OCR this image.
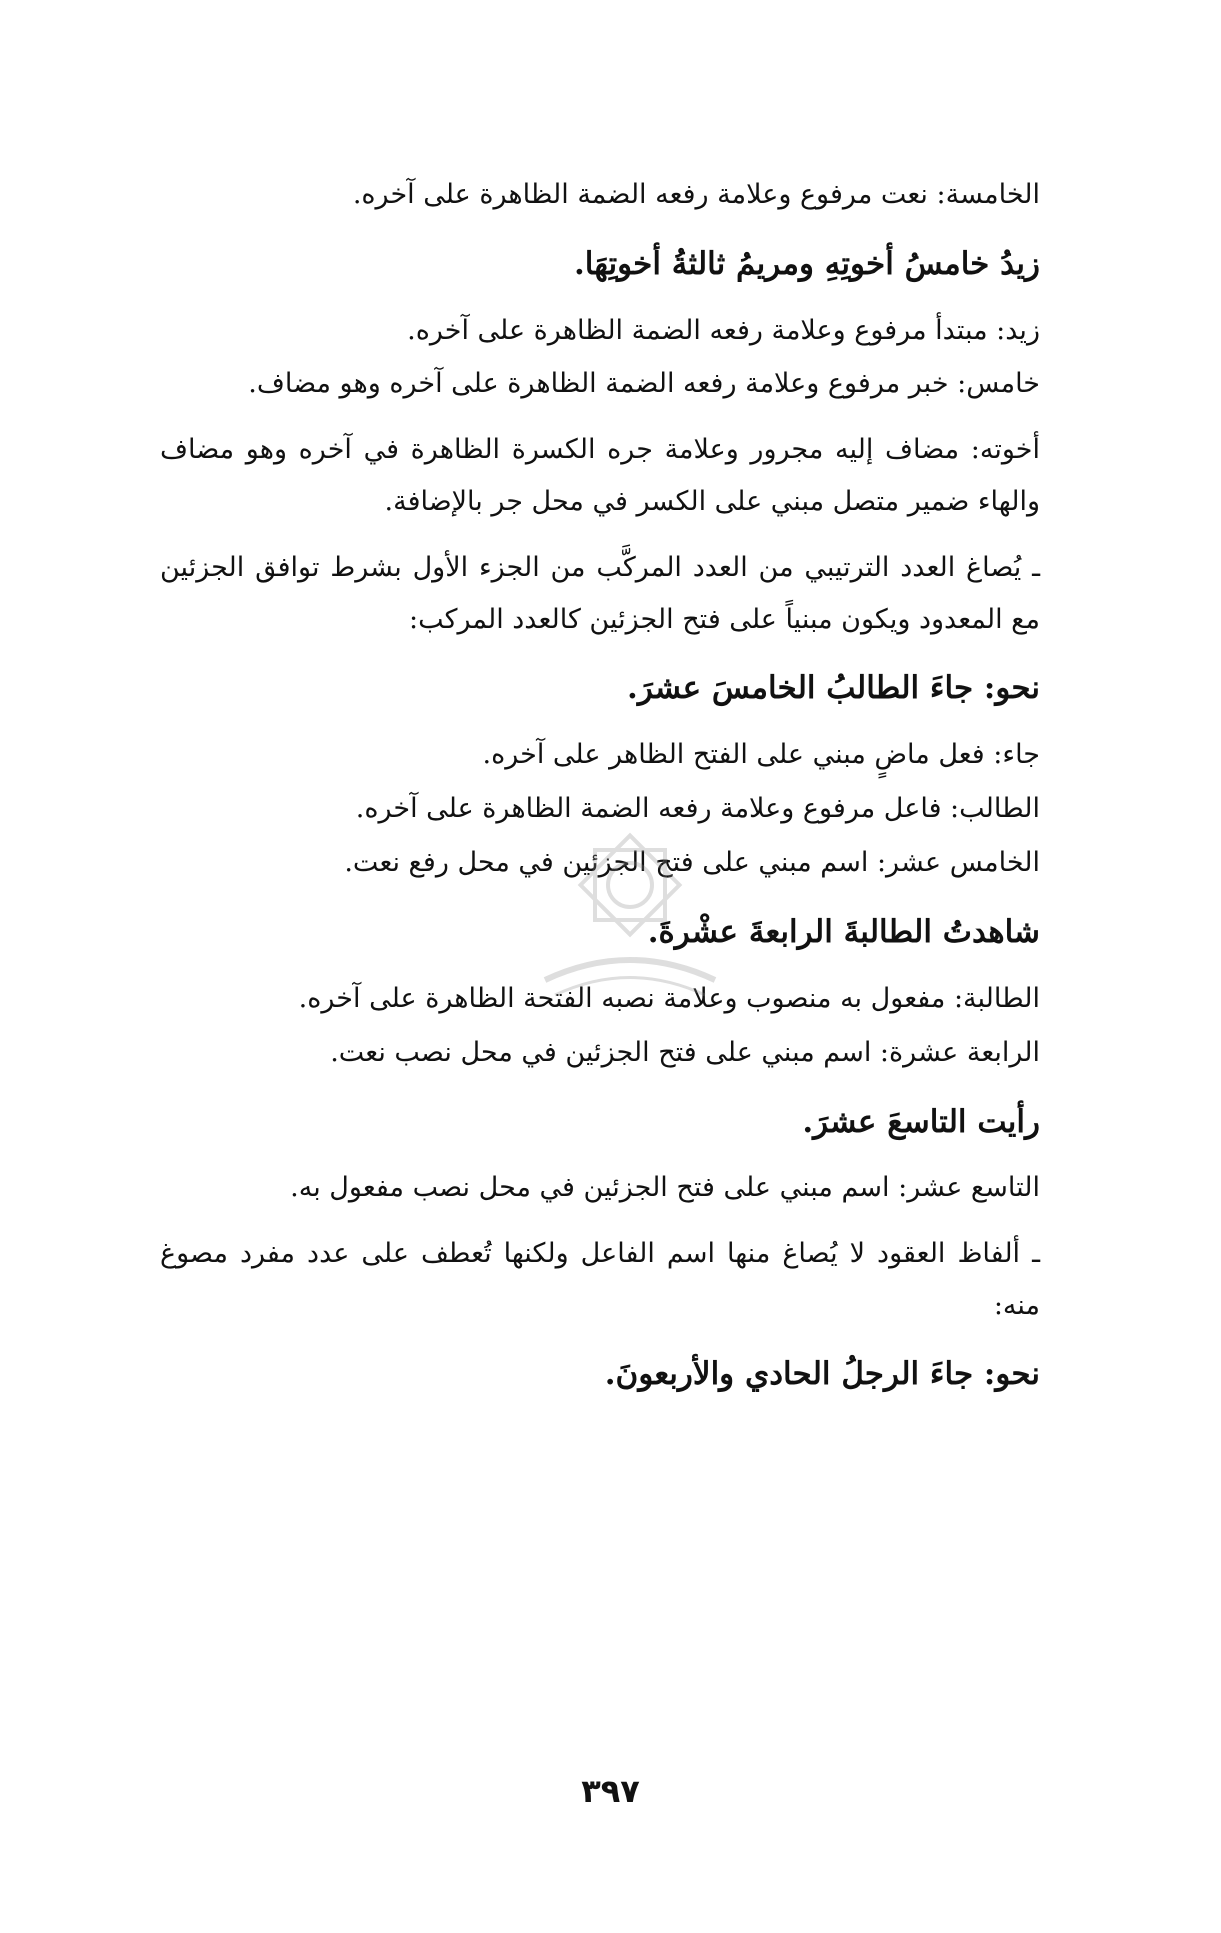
الخامسة: نعت مرفوع وعلامة رفعه الضمة الظاهرة على آخره.

زيدُ خامسُ أخوتِهِ ومريمُ ثالثةُ أخوتِهَا.

زيد: مبتدأ مرفوع وعلامة رفعه الضمة الظاهرة على آخره.

خامس: خبر مرفوع وعلامة رفعه الضمة الظاهرة على آخره وهو مضاف.

أخوته: مضاف إليه مجرور وعلامة جره الكسرة الظاهرة في آخره وهو مضاف والهاء ضمير متصل مبني على الكسر في محل جر بالإضافة.

ـ يُصاغ العدد الترتيبي من العدد المركَّب من الجزء الأول بشرط توافق الجزئين مع المعدود ويكون مبنياً على فتح الجزئين كالعدد المركب:

نحو: جاءَ الطالبُ الخامسَ عشرَ.

جاء: فعل ماضٍ مبني على الفتح الظاهر على آخره.

الطالب: فاعل مرفوع وعلامة رفعه الضمة الظاهرة على آخره.

الخامس عشر: اسم مبني على فتح الجزئين في محل رفع نعت.

شاهدتُ الطالبةَ الرابعةَ عشْرةَ.

الطالبة: مفعول به منصوب وعلامة نصبه الفتحة الظاهرة على آخره.

الرابعة عشرة: اسم مبني على فتح الجزئين في محل نصب نعت.

رأيت التاسعَ عشرَ.

التاسع عشر: اسم مبني على فتح الجزئين في محل نصب مفعول به.

ـ ألفاظ العقود لا يُصاغ منها اسم الفاعل ولكنها تُعطف على عدد مفرد مصوغ منه:

نحو: جاءَ الرجلُ الحادي والأربعونَ.

٣٩٧
